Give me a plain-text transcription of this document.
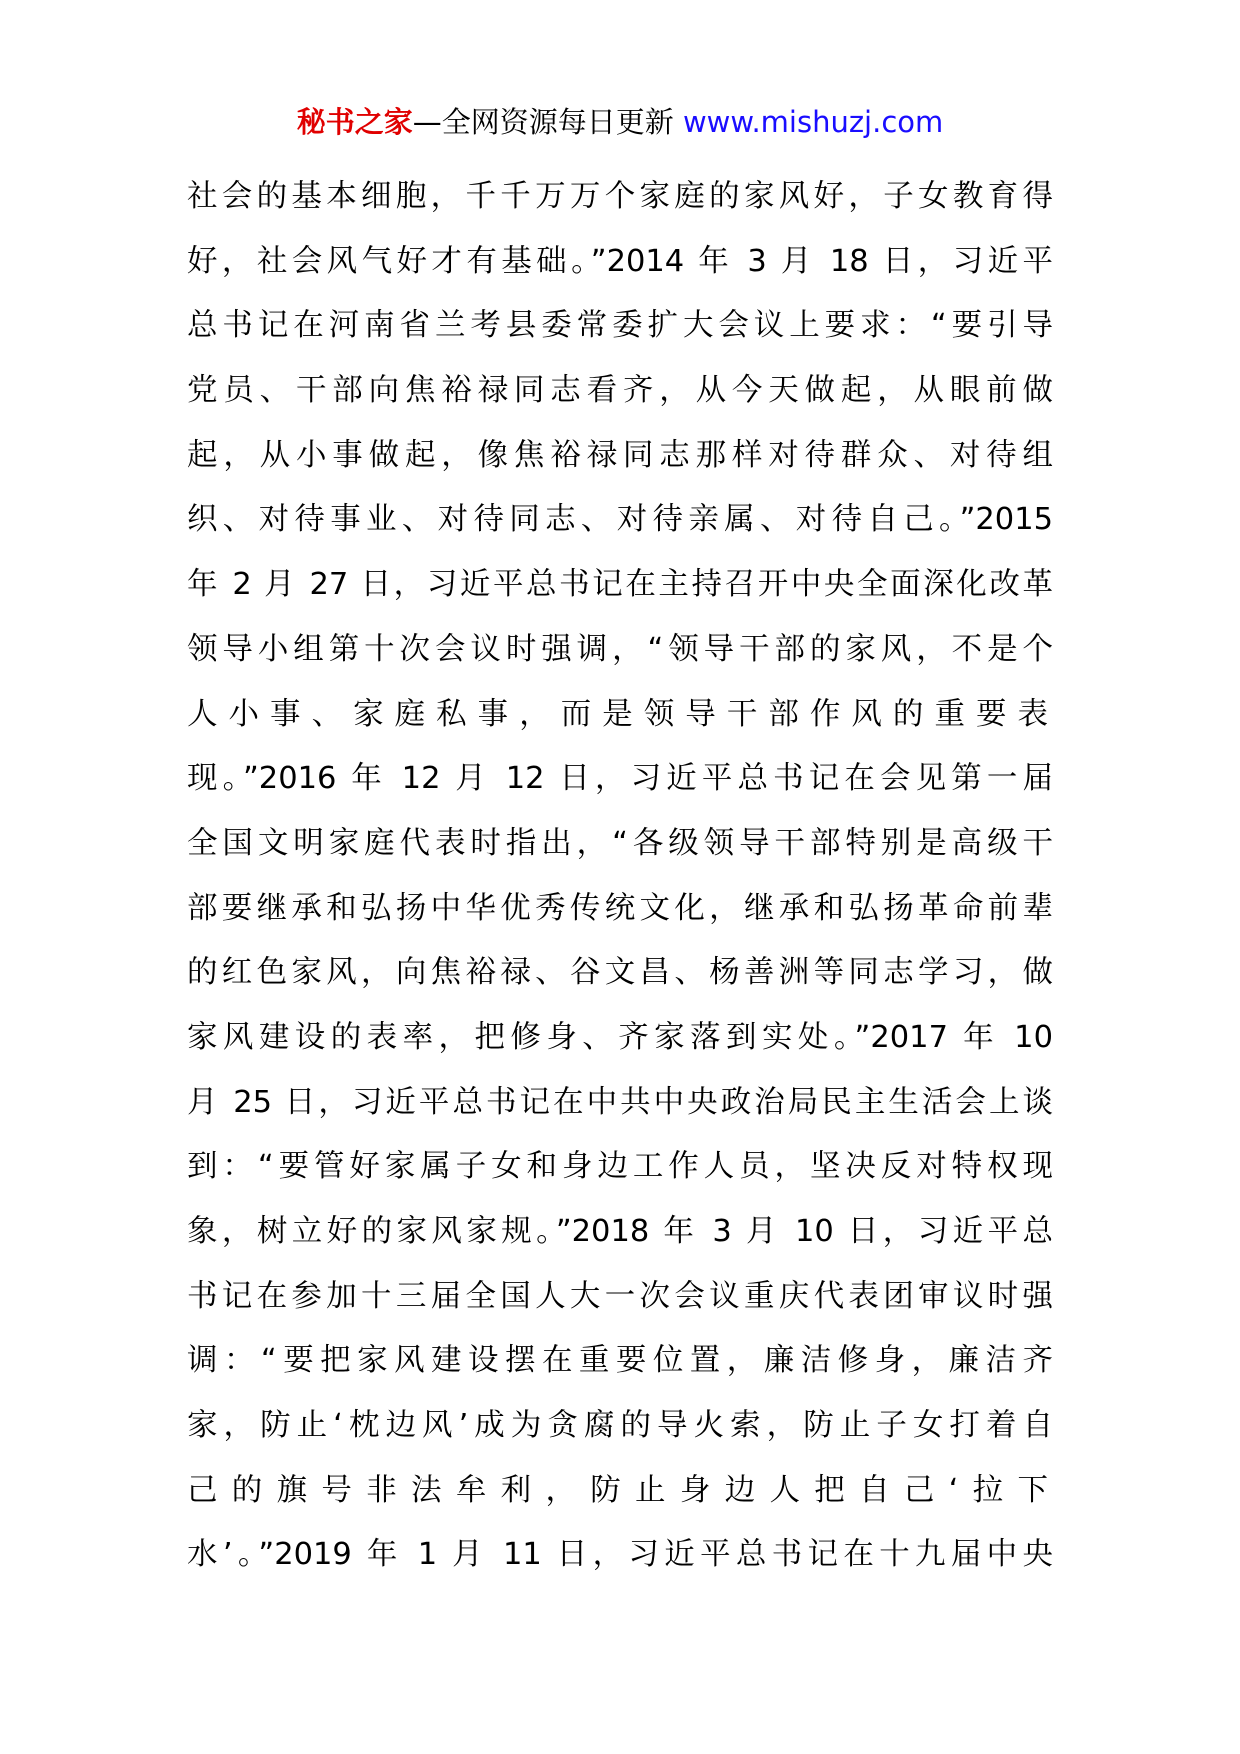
秘书之家—全网资源每日更新 www.mishuzj.com
社会的基本细胞，千千万万个家庭的家风好，子女教育得
好，社会风气好才有基础。”2014 年 3 月 18 日，习近平
总书记在河南省兰考县委常委扩大会议上要求：“要引导
党员、干部向焦裕禄同志看齐，从今天做起，从眼前做
起，从小事做起，像焦裕禄同志那样对待群众、对待组
织、对待事业、对待同志、对待亲属、对待自己。”2015
年 2 月 27 日，习近平总书记在主持召开中央全面深化改革
领导小组第十次会议时强调，“领导干部的家风，不是个
人小事、家庭私事，而是领导干部作风的重要表
现。”2016 年 12 月 12 日，习近平总书记在会见第一届
全国文明家庭代表时指出，“各级领导干部特别是高级干
部要继承和弘扬中华优秀传统文化，继承和弘扬革命前辈
的红色家风，向焦裕禄、谷文昌、杨善洲等同志学习，做
家风建设的表率，把修身、齐家落到实处。”2017 年 10
月 25 日，习近平总书记在中共中央政治局民主生活会上谈
到：“要管好家属子女和身边工作人员，坚决反对特权现
象，树立好的家风家规。”2018 年 3 月 10 日，习近平总
书记在参加十三届全国人大一次会议重庆代表团审议时强
调：“要把家风建设摆在重要位置，廉洁修身，廉洁齐
家，防止‘枕边风’成为贪腐的导火索，防止子女打着自
己的旗号非法牟利，防止身边人把自己‘拉下
水’。”2019 年 1 月 11 日，习近平总书记在十九届中央
